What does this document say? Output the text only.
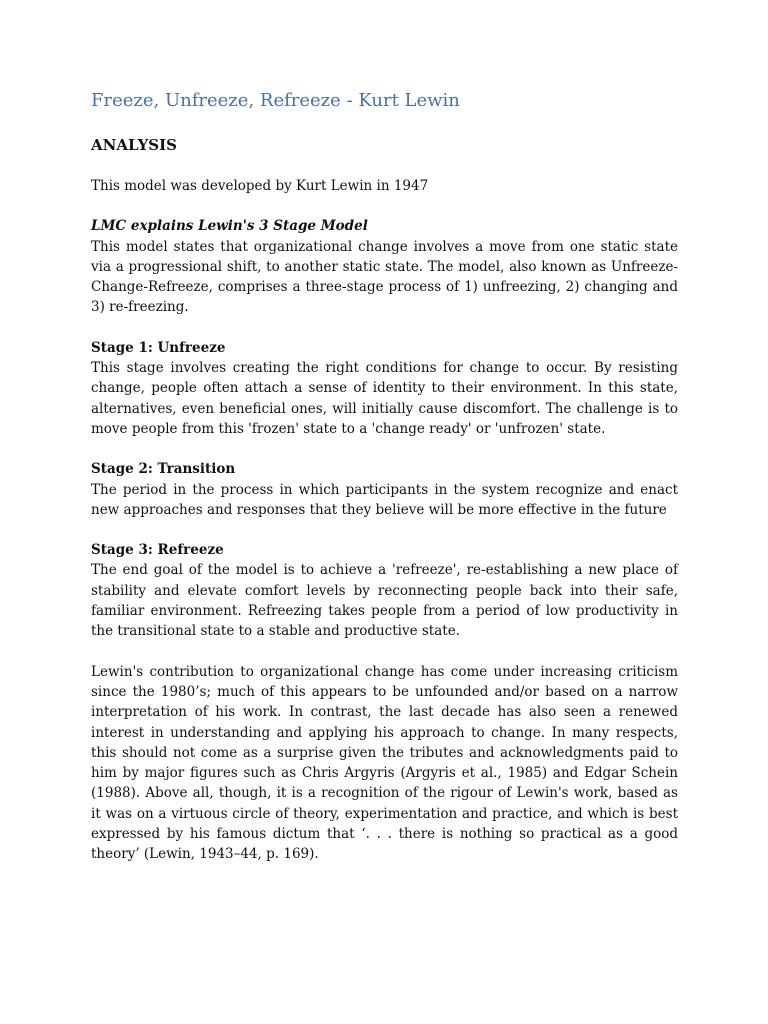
Freeze, Unfreeze, Refreeze - Kurt Lewin
ANALYSIS

This model was developed by Kurt Lewin in 1947

LMC explains Lewin's 3 Stage Model

This model states that organizational change involves a move from one static state via a progressional shift, to another static state. The model, also known as Unfreeze-Change-Refreeze, comprises a three-stage process of 1) unfreezing, 2) changing and 3) re-freezing.

Stage 1: Unfreeze

This stage involves creating the right conditions for change to occur. By resisting change, people often attach a sense of identity to their environment. In this state, alternatives, even beneficial ones, will initially cause discomfort. The challenge is to move people from this 'frozen' state to a 'change ready' or 'unfrozen' state.

Stage 2: Transition

The period in the process in which participants in the system recognize and enact new approaches and responses that they believe will be more effective in the future

Stage 3: Refreeze

The end goal of the model is to achieve a 'refreeze', re-establishing a new place of stability and elevate comfort levels by reconnecting people back into their safe, familiar environment. Refreezing takes people from a period of low productivity in the transitional state to a stable and productive state.

Lewin's contribution to organizational change has come under increasing criticism since the 1980’s; much of this appears to be unfounded and/or based on a narrow interpretation of his work. In contrast, the last decade has also seen a renewed interest in understanding and applying his approach to change. In many respects, this should not come as a surprise given the tributes and acknowledgments paid to him by major figures such as Chris Argyris (Argyris et al., 1985) and Edgar Schein (1988). Above all, though, it is a recognition of the rigour of Lewin's work, based as it was on a virtuous circle of theory, experimentation and practice, and which is best expressed by his famous dictum that ‘. . . there is nothing so practical as a good theory’ (Lewin, 1943–44, p. 169).
